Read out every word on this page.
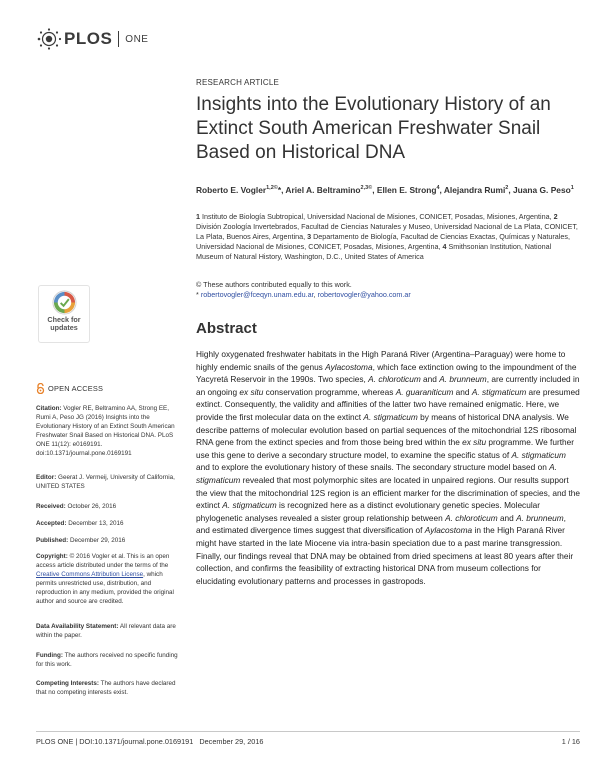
PLOS ONE
RESEARCH ARTICLE
Insights into the Evolutionary History of an Extinct South American Freshwater Snail Based on Historical DNA
Roberto E. Vogler$^{1,2©}$*, Ariel A. Beltramino$^{2,3©}$, Ellen E. Strong$^4$, Alejandra Rumi$^2$, Juana G. Peso$^1$
1 Instituto de Biología Subtropical, Universidad Nacional de Misiones, CONICET, Posadas, Misiones, Argentina, 2 División Zoología Invertebrados, Facultad de Ciencias Naturales y Museo, Universidad Nacional de La Plata, CONICET, La Plata, Buenos Aires, Argentina, 3 Departamento de Biología, Facultad de Ciencias Exactas, Químicas y Naturales, Universidad Nacional de Misiones, CONICET, Posadas, Misiones, Argentina, 4 Smithsonian Institution, National Museum of Natural History, Washington, D.C., United States of America
© These authors contributed equally to this work.
* robertovogler@fceqyn.unam.edu.ar, robertovogler@yahoo.com.ar
Check for
updates	Abstract

Highly oxygenated freshwater habitats in the High Paraná River (Argentina–Paraguay) were home to highly endemic snails of the genus Aylacostoma, which face extinction owing to the impoundment of the Yacyretá Reservoir in the 1990s. Two species, A. chloroticum and A. brunneum, are currently included in an ongoing ex situ conservation programme, whereas A. guaraniticum and A. stigmaticum are presumed extinct. Consequently, the validity and affinities of the latter two have remained enigmatic. Here, we provide the first molecular data on the extinct A. stigmaticum by means of historical DNA analysis. We describe patterns of molecular evolution based on partial sequences of the mitochondrial 12S ribosomal RNA gene from the extinct species and from those being bred within the ex situ programme. We further use this gene to derive a secondary structure model, to examine the specific status of A. stigmaticum and to explore the evolutionary history of these snails. The secondary structure model based on A. stigmaticum revealed that most polymorphic sites are located in unpaired regions. Our results support the view that the mitochondrial 12S region is an efficient marker for the discrimination of species, and the extinct A. stigmaticum is recognized here as a distinct evolutionary genetic species. Molecular phylogenetic analyses revealed a sister group relationship between A. chloroticum and A. brunneum, and estimated divergence times suggest that diversification of Aylacostoma in the High Paraná River might have started in the late Miocene via intra-basin speciation due to a past marine transgression. Finally, our findings reveal that DNA may be obtained from dried specimens at least 80 years after their collection, and confirms the feasibility of extracting historical DNA from museum collections for elucidating evolutionary patterns and processes in gastropods.

OPEN ACCESS
Citation: Vogler RE, Beltramino AA, Strong EE, Rumi A, Peso JG (2016) Insights into the Evolutionary History of an Extinct South American Freshwater Snail Based on Historical DNA. PLoS ONE 11(12): e0169191. doi:10.1371/journal.pone.0169191
Editor: Geerat J. Vermeij, University of California, UNITED STATES
Received: October 26, 2016
Accepted: December 13, 2016
Published: December 29, 2016
Copyright: © 2016 Vogler et al. This is an open access article distributed under the terms of the Creative Commons Attribution License, which permits unrestricted use, distribution, and reproduction in any medium, provided the original author and source are credited.
Data Availability Statement: All relevant data are within the paper.
Funding: The authors received no specific funding for this work.
Competing Interests: The authors have declared that no competing interests exist.
PLOS ONE | DOI:10.1371/journal.pone.0169191   December 29, 2016	1 / 16
